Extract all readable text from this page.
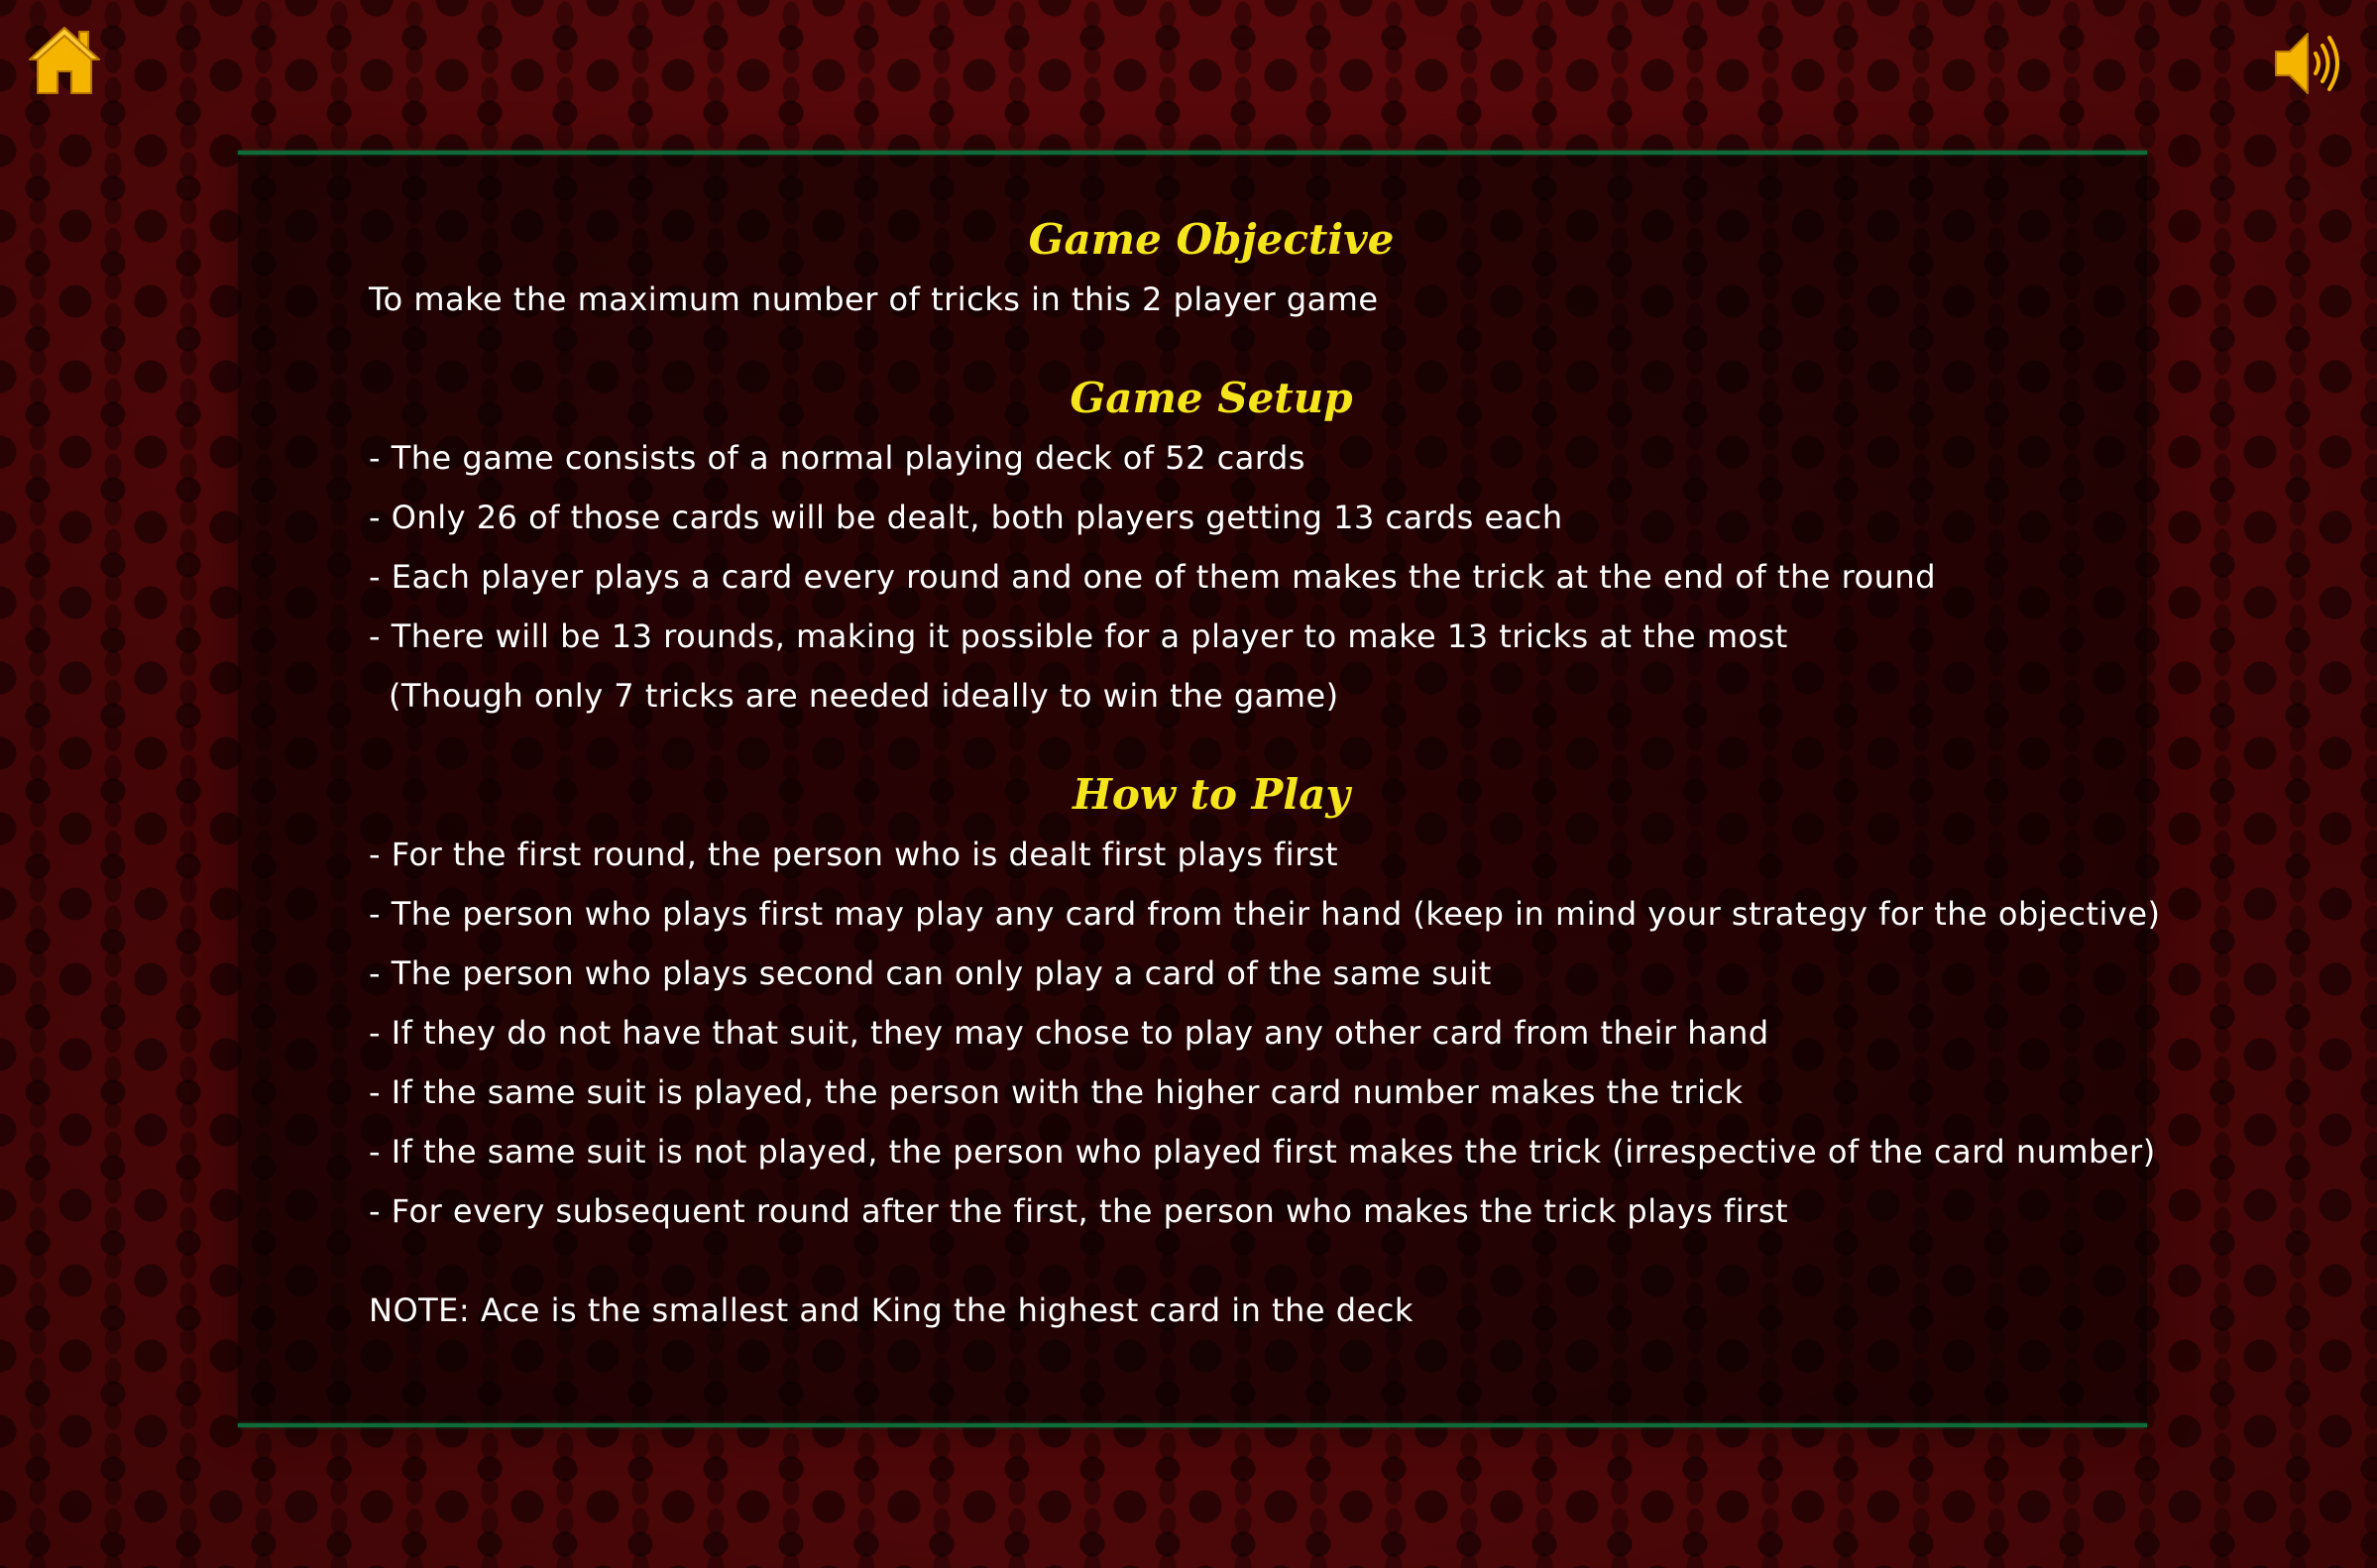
Game Objective

To make the maximum number of tricks in this 2 player game

Game Setup

- The game consists of a normal playing deck of 52 cards

- Only 26 of those cards will be dealt, both players getting 13 cards each

- Each player plays a card every round and one of them makes the trick at the end of the round

- There will be 13 rounds, making it possible for a player to make 13 tricks at the most

(Though only 7 tricks are needed ideally to win the game)

How to Play

- For the first round, the person who is dealt first plays first

- The person who plays first may play any card from their hand (keep in mind your strategy for the objective)

- The person who plays second can only play a card of the same suit

- If they do not have that suit, they may chose to play any other card from their hand

- If the same suit is played, the person with the higher card number makes the trick

- If the same suit is not played, the person who played first makes the trick (irrespective of the card number)

- For every subsequent round after the first, the person who makes the trick plays first

NOTE: Ace is the smallest and King the highest card in the deck
